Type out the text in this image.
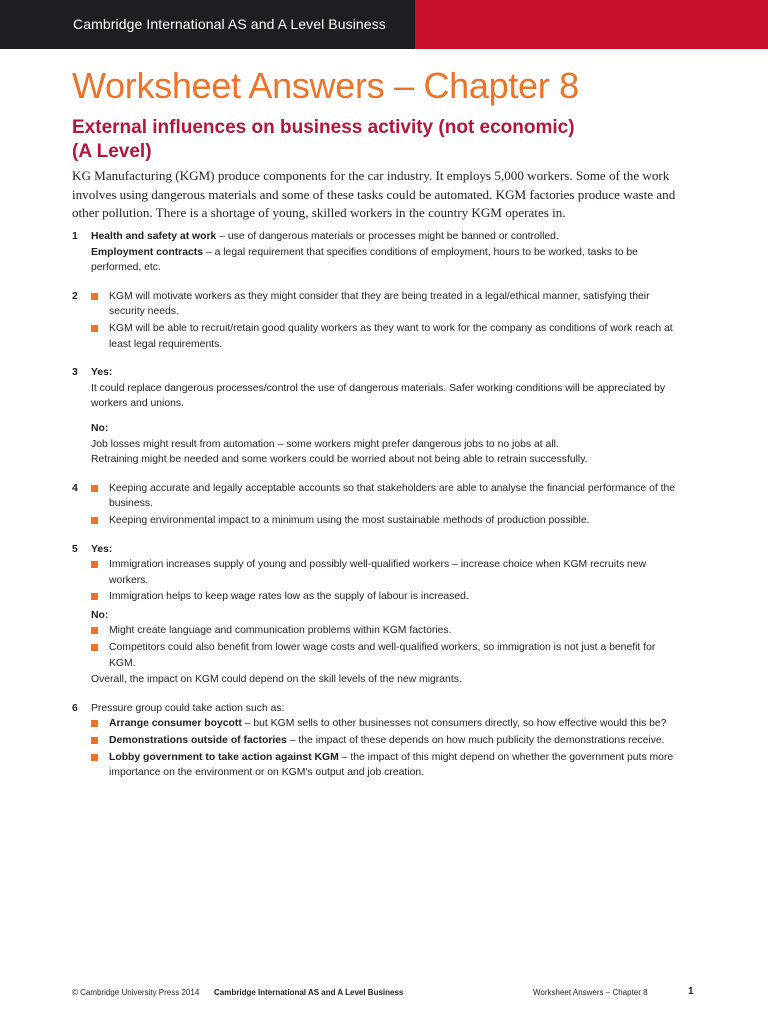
Cambridge International AS and A Level Business
Worksheet Answers – Chapter 8
External influences on business activity (not economic)
(A Level)

KG Manufacturing (KGM) produce components for the car industry. It employs 5,000 workers. Some of the work involves using dangerous materials and some of these tasks could be automated. KGM factories produce waste and other pollution. There is a shortage of young, skilled workers in the country KGM operates in.

1 Health and safety at work – use of dangerous materials or processes might be banned or controlled.

Employment contracts – a legal requirement that specifies conditions of employment, hours to be worked, tasks to be performed, etc.

2	KGM will motivate workers as they might consider that they are being treated in a legal/ethical manner, satisfying their security needs.
KGM will be able to recruit/retain good quality workers as they want to work for the company as conditions of work reach at least legal requirements.
3 Yes:

It could replace dangerous processes/control the use of dangerous materials. Safer working conditions will be appreciated by workers and unions.

No:

Job losses might result from automation – some workers might prefer dangerous jobs to no jobs at all.

Retraining might be needed and some workers could be worried about not being able to retrain successfully.

4	Keeping accurate and legally acceptable accounts so that stakeholders are able to analyse the financial performance of the business.
Keeping environmental impact to a minimum using the most sustainable methods of production possible.
5 Yes:

Immigration increases supply of young and possibly well-qualified workers – increase choice when KGM recruits new workers.
Immigration helps to keep wage rates low as the supply of labour is increased.

No:

Might create language and communication problems within KGM factories.
Competitors could also benefit from lower wage costs and well-qualified workers, so immigration is not just a benefit for KGM.

Overall, the impact on KGM could depend on the skill levels of the new migrants.

6 Pressure group could take action such as:

Arrange consumer boycott – but KGM sells to other businesses not consumers directly, so how effective would this be?
Demonstrations outside of factories – the impact of these depends on how much publicity the demonstrations receive.
Lobby government to take action against KGM – the impact of this might depend on whether the government puts more importance on the environment or on KGM's output and job creation.
© Cambridge University Press 2014 Cambridge International AS and A Level Business	Worksheet Answers – Chapter 8	1
